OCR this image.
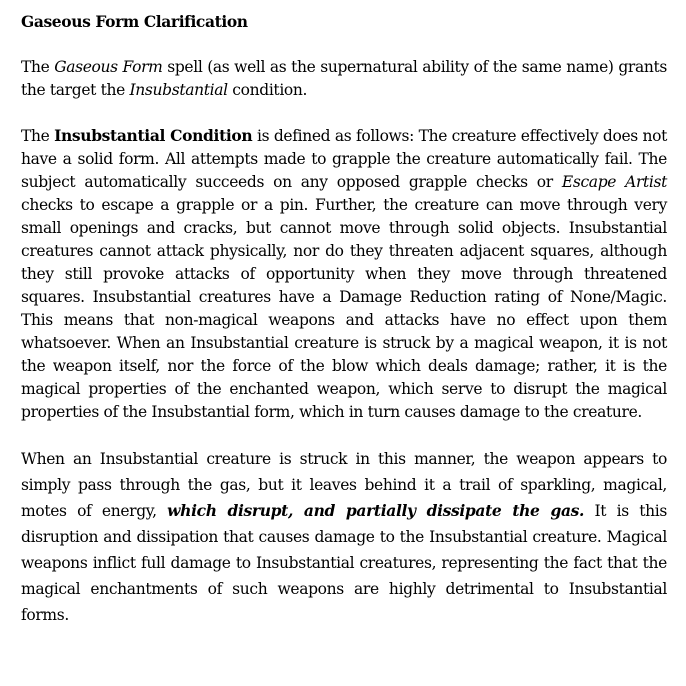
Gaseous Form Clarification

The Gaseous Form spell (as well as the supernatural ability of the same name) grants the target the Insubstantial condition.

The Insubstantial Condition is defined as follows: The creature effectively does not have a solid form. All attempts made to grapple the creature automatically fail. The subject automatically succeeds on any opposed grapple checks or Escape Artist checks to escape a grapple or a pin. Further, the creature can move through very small openings and cracks, but cannot move through solid objects. Insubstantial creatures cannot attack physically, nor do they threaten adjacent squares, although they still provoke attacks of opportunity when they move through threatened squares. Insubstantial creatures have a Damage Reduction rating of None/Magic. This means that non-magical weapons and attacks have no effect upon them whatsoever. When an Insubstantial creature is struck by a magical weapon, it is not the weapon itself, nor the force of the blow which deals damage; rather, it is the magical properties of the enchanted weapon, which serve to disrupt the magical properties of the Insubstantial form, which in turn causes damage to the creature.

When an Insubstantial creature is struck in this manner, the weapon appears to simply pass through the gas, but it leaves behind it a trail of sparkling, magical, motes of energy, which disrupt, and partially dissipate the gas. It is this disruption and dissipation that causes damage to the Insubstantial creature. Magical weapons inflict full damage to Insubstantial creatures, representing the fact that the magical enchantments of such weapons are highly detrimental to Insubstantial forms.
